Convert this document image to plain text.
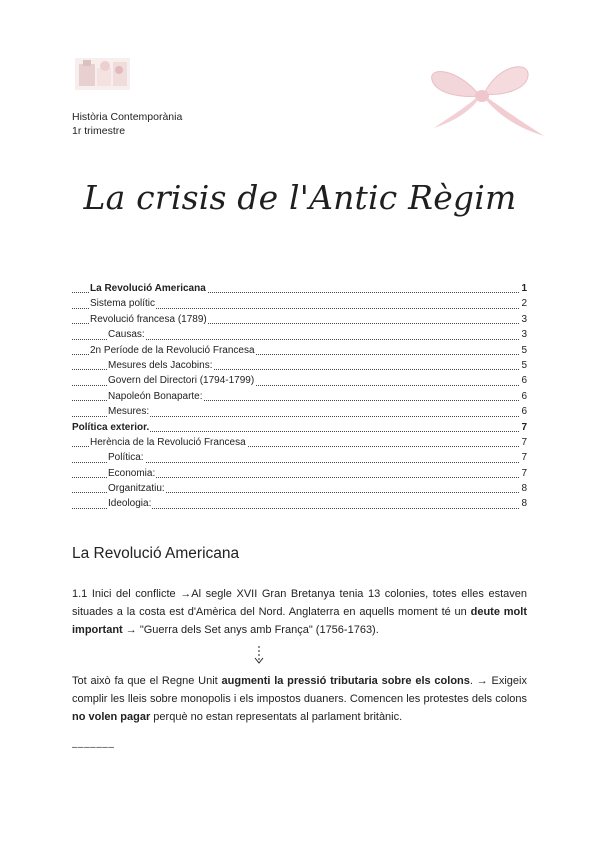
Història Contemporània
1r trimestre
La crisis de l'Antic Règim
La Revolució Americana	1
Sistema polític	2
Revolució francesa (1789)	3
Causas:	3
2n Període de la Revolució Francesa	5
Mesures dels Jacobins:	5
Govern del Directori (1794-1799)	6
Napoleón Bonaparte:	6
Mesures:	6
Política exterior.	7
Herència de la Revolució Francesa	7
Política:	7
Economia:	7
Organitzatiu:	8
Ideologia:	8
La Revolució Americana
1.1 Inici del conflicte →Al segle XVII Gran Bretanya tenia 13 colonies, totes elles estaven situades a la costa est d'Amèrica del Nord. Anglaterra en aquells moment té un deute molt important → "Guerra dels Set anys amb França" (1756-1763).
Tot això fa que el Regne Unit augmenti la pressió tributaria sobre els colons. → Exigeix complir les lleis sobre monopolis i els impostos duaners. Comencen les protestes dels colons no volen pagar perquè no estan representats al parlament britànic.
–––––––
